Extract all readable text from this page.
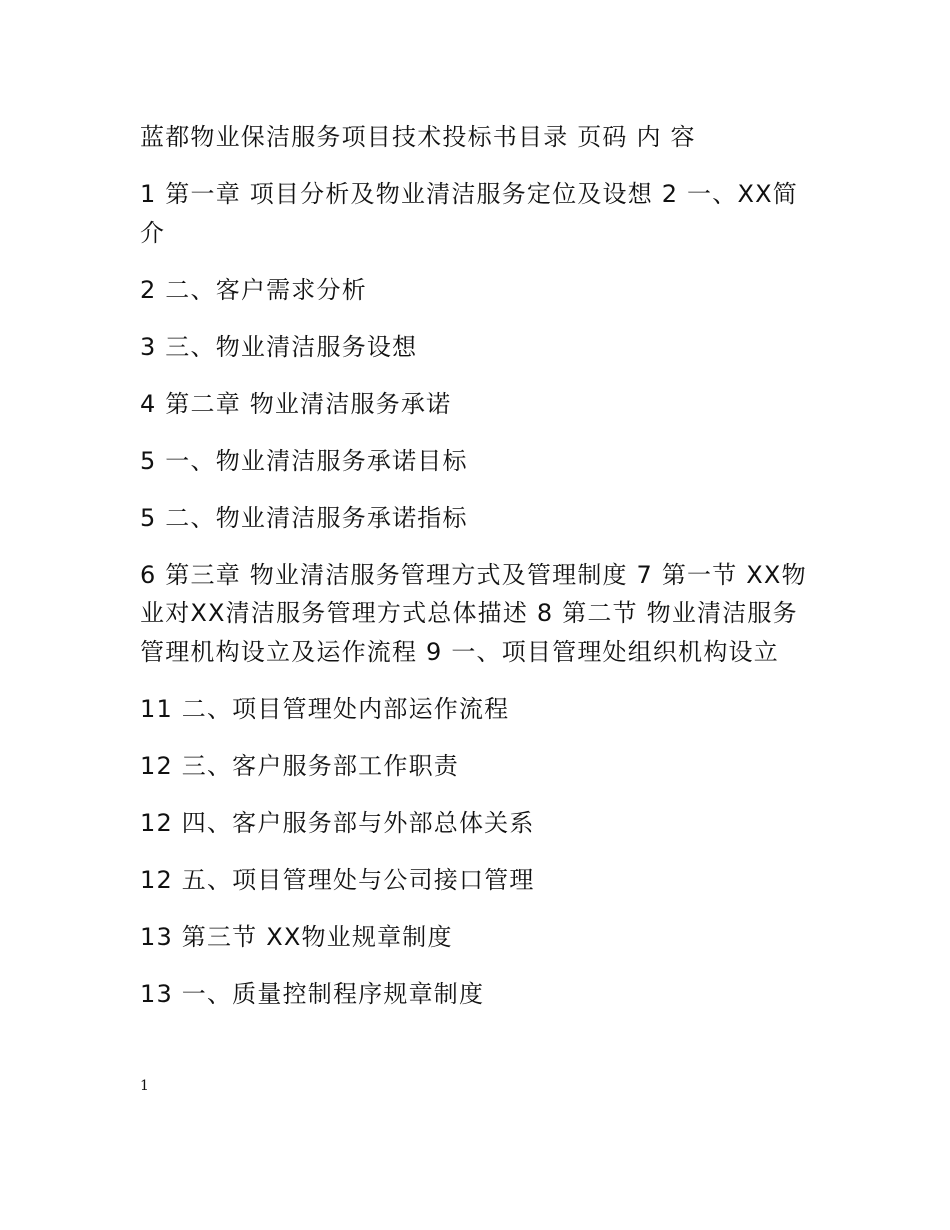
蓝都物业保洁服务项目技术投标书目录 页码 内 容

1 第一章 项目分析及物业清洁服务定位及设想 2 一、XX简介

2 二、客户需求分析

3 三、物业清洁服务设想

4 第二章 物业清洁服务承诺

5 一、物业清洁服务承诺目标

5 二、物业清洁服务承诺指标

6 第三章 物业清洁服务管理方式及管理制度 7 第一节 XX物业对XX清洁服务管理方式总体描述 8 第二节 物业清洁服务管理机构设立及运作流程 9 一、项目管理处组织机构设立

11 二、项目管理处内部运作流程

12 三、客户服务部工作职责

12 四、客户服务部与外部总体关系

12 五、项目管理处与公司接口管理

13 第三节 XX物业规章制度

13 一、质量控制程序规章制度

1
